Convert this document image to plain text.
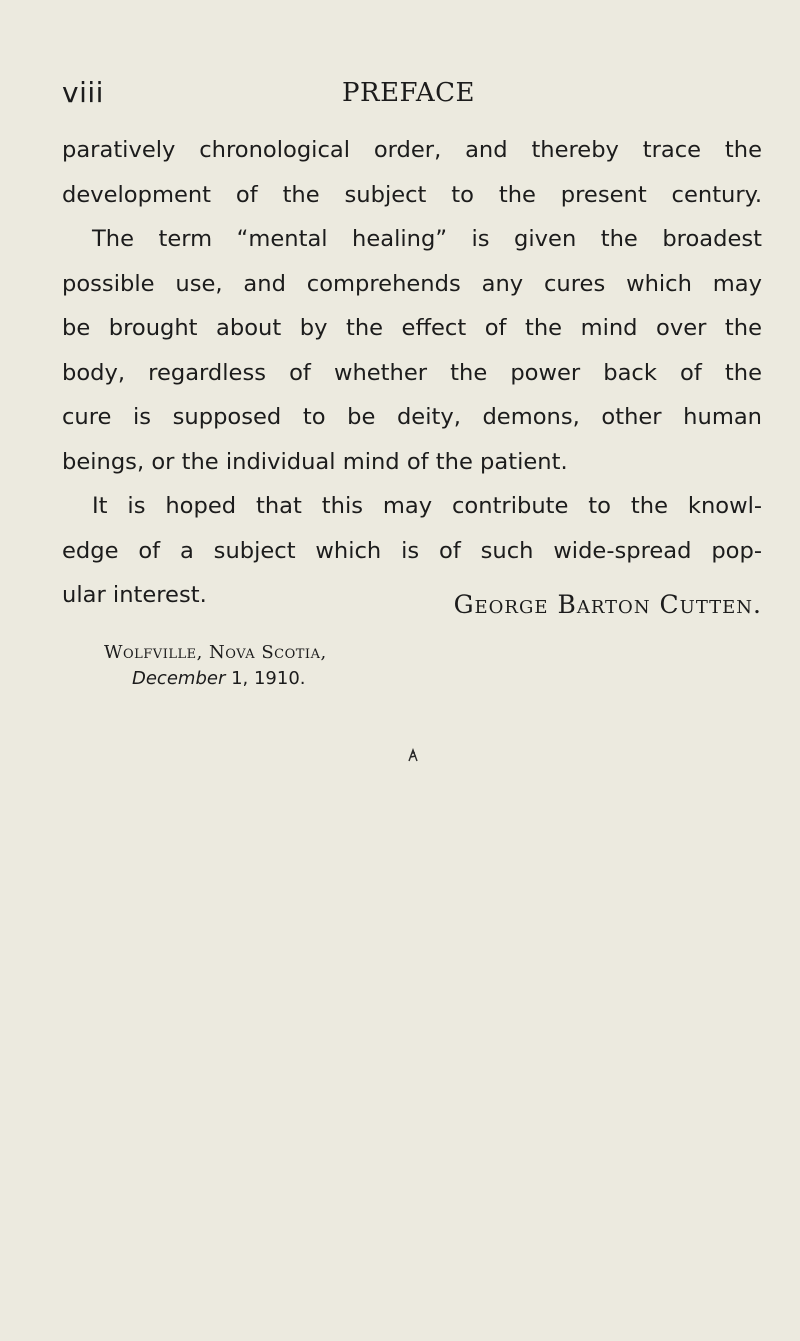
viii	PREFACE
paratively chronological order, and thereby trace the
development of the subject to the present century.
The term “mental healing” is given the broadest
possible use, and comprehends any cures which may
be brought about by the effect of the mind over the
body, regardless of whether the power back of the
cure is supposed to be deity, demons, other human
beings, or the individual mind of the patient.
It is hoped that this may contribute to the knowl-
edge of a subject which is of such wide-spread pop-
ular interest.	George Barton Cutten.
Wolfville, Nova Scotia,
December 1, 1910.
